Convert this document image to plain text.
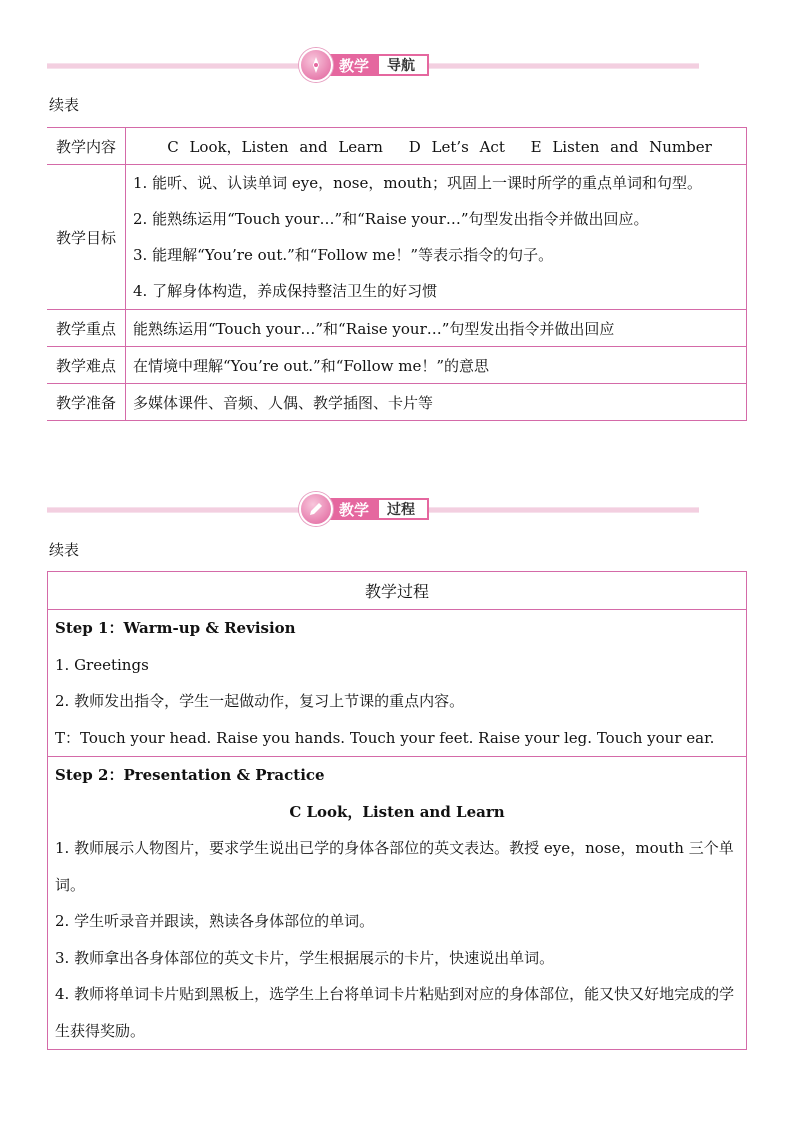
教学	导航
续表
教学内容	C Look，Listen and Learn　 D Let’s Act　 E Listen and Number
教学目标	1. 能听、说、认读单词 eye，nose，mouth；巩固上一课时所学的重点单词和句型。

2. 能熟练运用“Touch your…”和“Raise your…”句型发出指令并做出回应。

3. 能理解“You’re out.”和“Follow me！”等表示指令的句子。

4. 了解身体构造，养成保持整洁卫生的好习惯

教学重点	能熟练运用“Touch your…”和“Raise your…”句型发出指令并做出回应
教学难点	在情境中理解“You’re out.”和“Follow me！”的意思
教学准备	多媒体课件、音频、人偶、教学插图、卡片等
教学	过程
续表
教学过程

Step 1：Warm-up & Revision

1. Greetings

2. 教师发出指令，学生一起做动作，复习上节课的重点内容。

T：Touch your head. Raise you hands. Touch your feet. Raise your leg. Touch your ear.

Step 2：Presentation & Practice

C Look，Listen and Learn

1. 教师展示人物图片，要求学生说出已学的身体各部位的英文表达。教授 eye，nose，mouth 三个单词。

2. 学生听录音并跟读，熟读各身体部位的单词。

3. 教师拿出各身体部位的英文卡片，学生根据展示的卡片，快速说出单词。

4. 教师将单词卡片贴到黑板上，选学生上台将单词卡片粘贴到对应的身体部位，能又快又好地完成的学生获得奖励。
